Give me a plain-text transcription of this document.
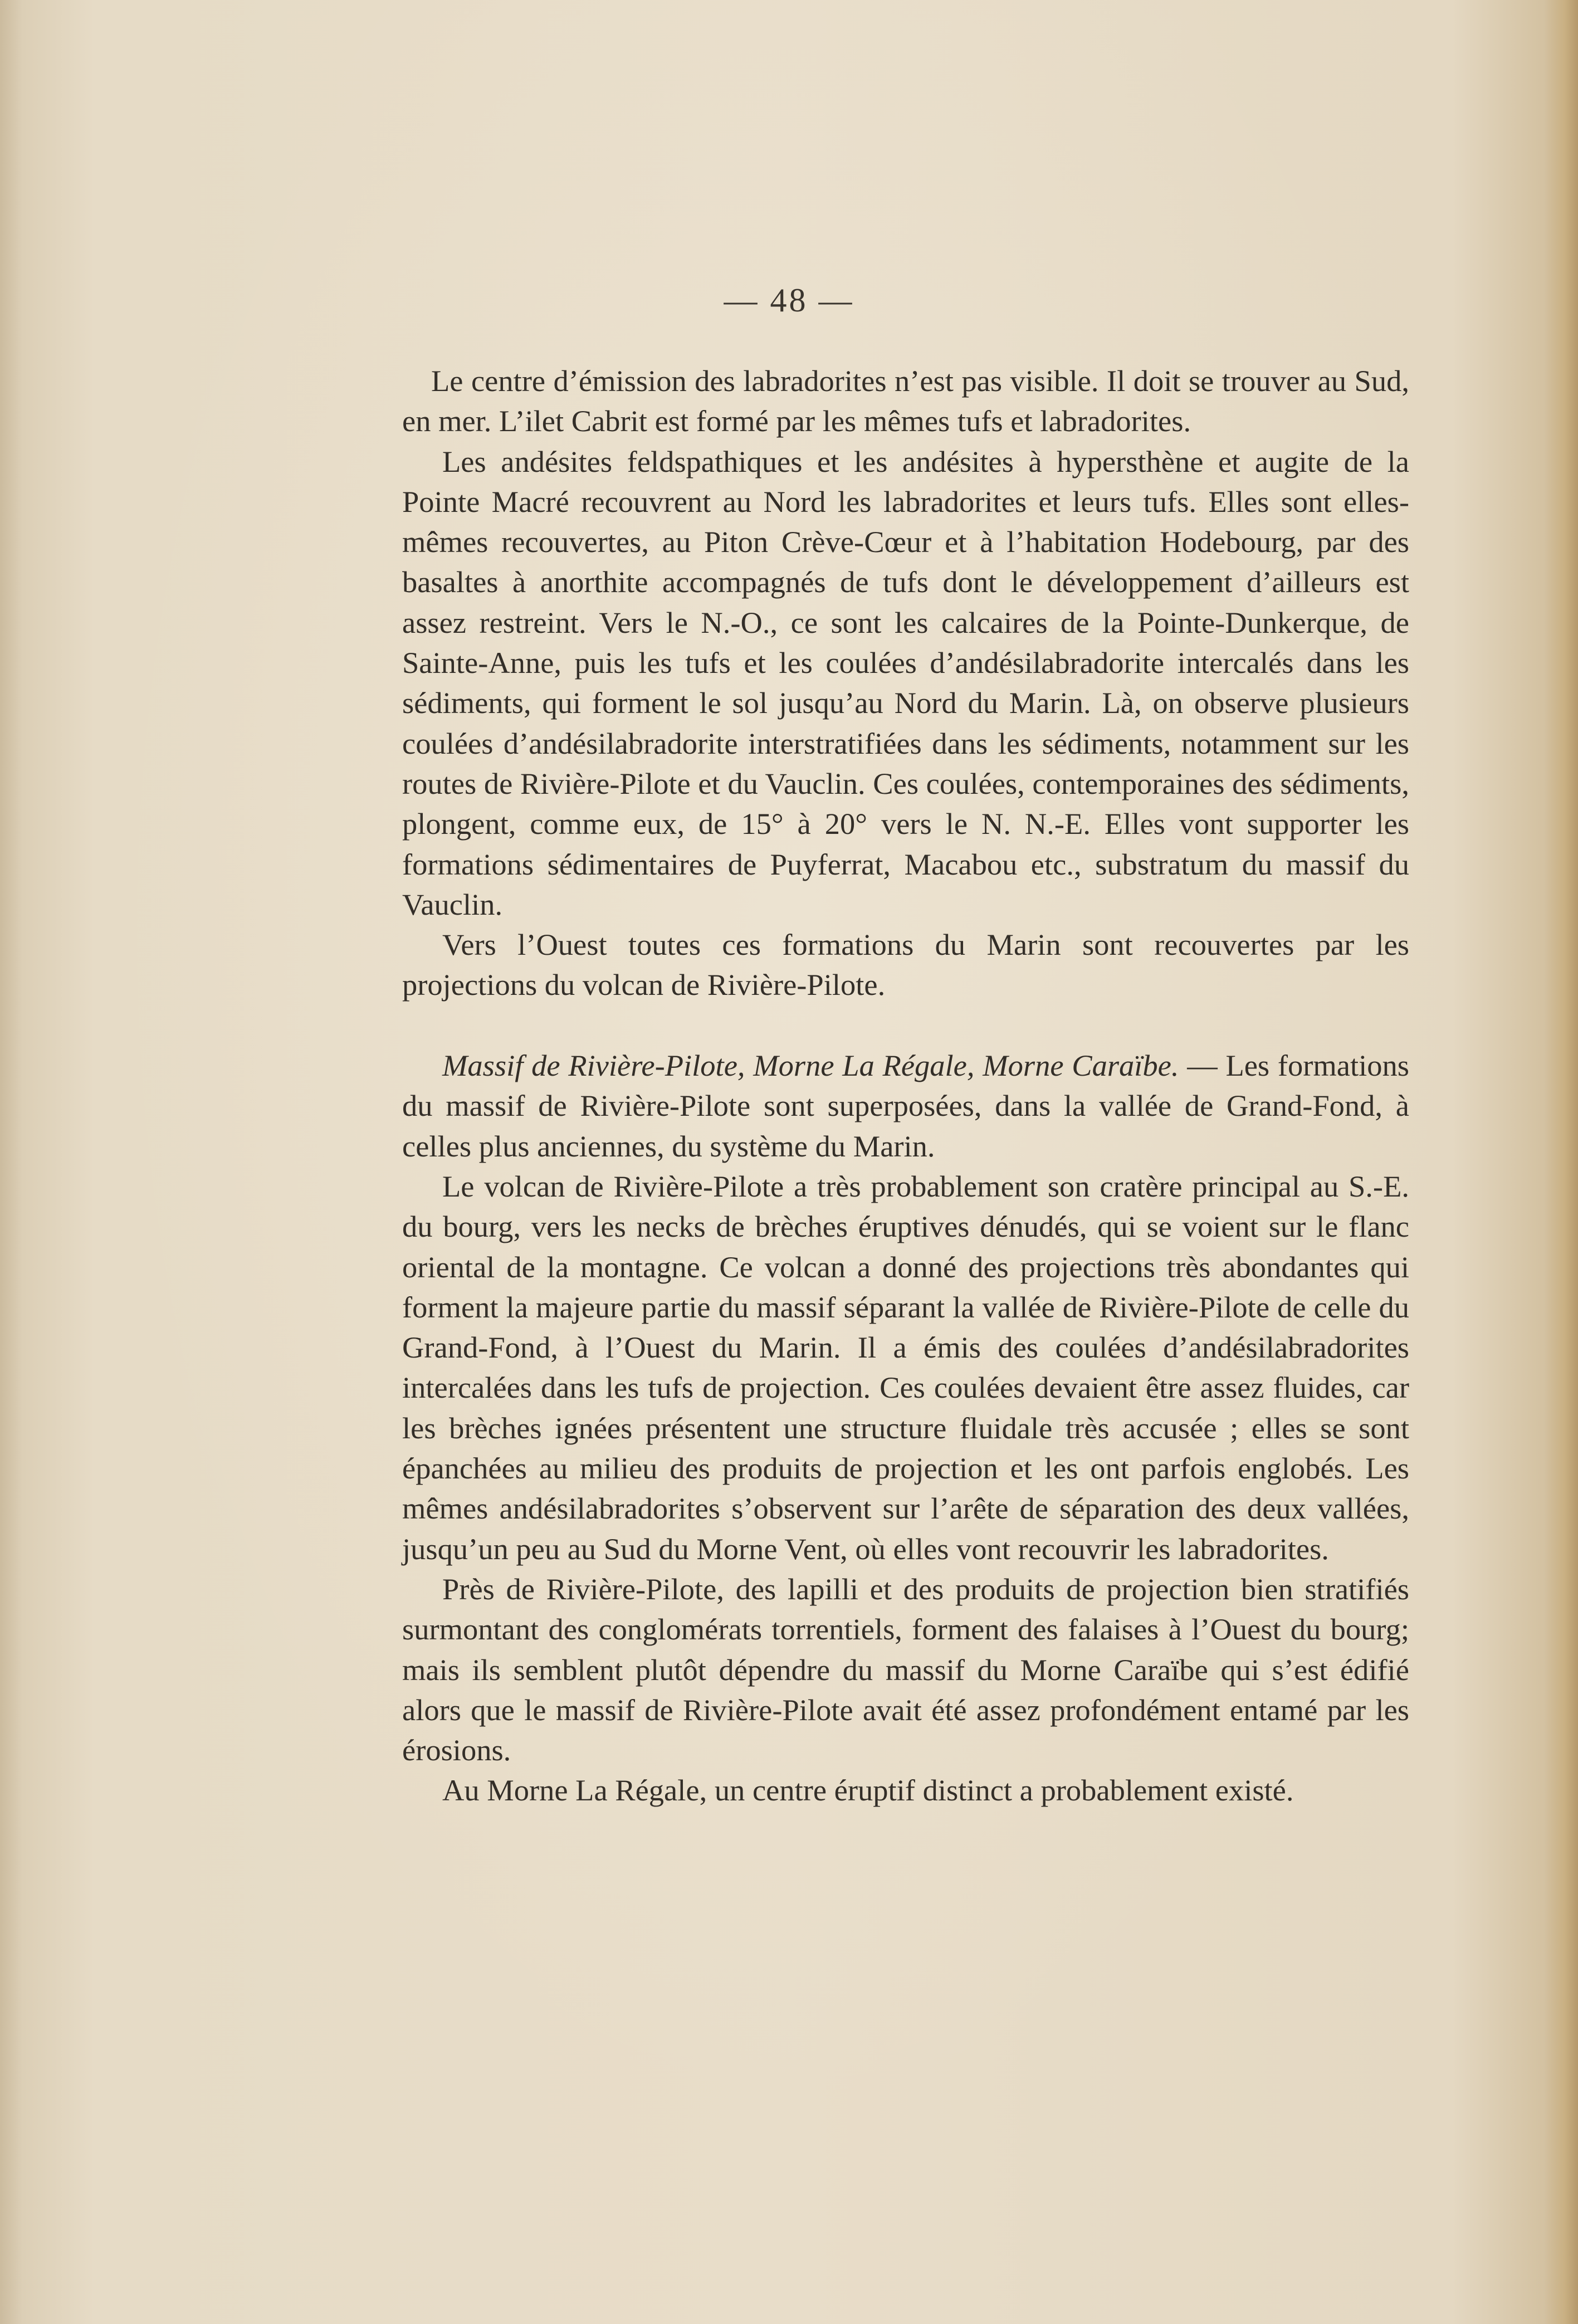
— 48 —

Le centre d’émission des labradorites n’est pas visible. Il doit se trouver au Sud, en mer. L’ilet Cabrit est formé par les mêmes tufs et labradorites.

Les andésites feldspathiques et les andésites à hypersthène et augite de la Pointe Macré recouvrent au Nord les labradorites et leurs tufs. Elles sont elles-mêmes recouvertes, au Piton Crève-Cœur et à l’habitation Hodebourg, par des basaltes à anorthite accompagnés de tufs dont le développement d’ailleurs est assez restreint. Vers le N.-O., ce sont les calcaires de la Pointe-Dunkerque, de Sainte-Anne, puis les tufs et les coulées d’andésilabradorite intercalés dans les sédiments, qui forment le sol jusqu’au Nord du Marin. Là, on observe plusieurs coulées d’andésilabradorite interstratifiées dans les sédiments, notamment sur les routes de Rivière-Pilote et du Vauclin. Ces coulées, contemporaines des sédiments, plongent, comme eux, de 15° à 20° vers le N. N.-E. Elles vont supporter les formations sédimentaires de Puyferrat, Macabou etc., substratum du massif du Vauclin.

Vers l’Ouest toutes ces formations du Marin sont recouvertes par les projections du volcan de Rivière-Pilote.

Massif de Rivière-Pilote, Morne La Régale, Morne Caraïbe. — Les formations du massif de Rivière-Pilote sont superposées, dans la vallée de Grand-Fond, à celles plus anciennes, du système du Marin.

Le volcan de Rivière-Pilote a très probablement son cratère principal au S.-E. du bourg, vers les necks de brèches éruptives dénudés, qui se voient sur le flanc oriental de la montagne. Ce volcan a donné des projections très abondantes qui forment la majeure partie du massif séparant la vallée de Rivière-Pilote de celle du Grand-Fond, à l’Ouest du Marin. Il a émis des coulées d’andésilabradorites intercalées dans les tufs de projection. Ces coulées devaient être assez fluides, car les brèches ignées présentent une structure fluidale très accusée ; elles se sont épanchées au milieu des produits de projection et les ont parfois englobés. Les mêmes andésilabradorites s’observent sur l’arête de séparation des deux vallées, jusqu’un peu au Sud du Morne Vent, où elles vont recouvrir les labradorites.

Près de Rivière-Pilote, des lapilli et des produits de projection bien stratifiés surmontant des conglomérats torrentiels, forment des falaises à l’Ouest du bourg; mais ils semblent plutôt dépendre du massif du Morne Caraïbe qui s’est édifié alors que le massif de Rivière-Pilote avait été assez profondément entamé par les érosions.

Au Morne La Régale, un centre éruptif distinct a probablement existé.
